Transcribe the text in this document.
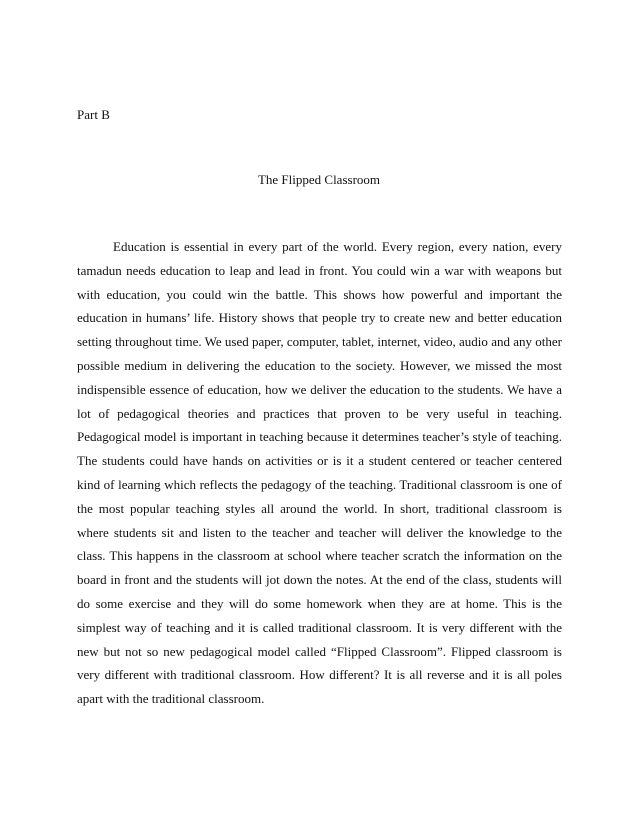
Part B

The Flipped Classroom

Education is essential in every part of the world. Every region, every nation, every tamadun needs education to leap and lead in front. You could win a war with weapons but with education, you could win the battle. This shows how powerful and important the education in humans’ life. History shows that people try to create new and better education setting throughout time. We used paper, computer, tablet, internet, video, audio and any other possible medium in delivering the education to the society. However, we missed the most indispensible essence of education, how we deliver the education to the students. We have a lot of pedagogical theories and practices that proven to be very useful in teaching. Pedagogical model is important in teaching because it determines teacher’s style of teaching. The students could have hands on activities or is it a student centered or teacher centered kind of learning which reflects the pedagogy of the teaching. Traditional classroom is one of the most popular teaching styles all around the world. In short, traditional classroom is where students sit and listen to the teacher and teacher will deliver the knowledge to the class. This happens in the classroom at school where teacher scratch the information on the board in front and the students will jot down the notes. At the end of the class, students will do some exercise and they will do some homework when they are at home. This is the simplest way of teaching and it is called traditional classroom. It is very different with the new but not so new pedagogical model called “Flipped Classroom”. Flipped classroom is very different with traditional classroom. How different? It is all reverse and it is all poles apart with the traditional classroom.
